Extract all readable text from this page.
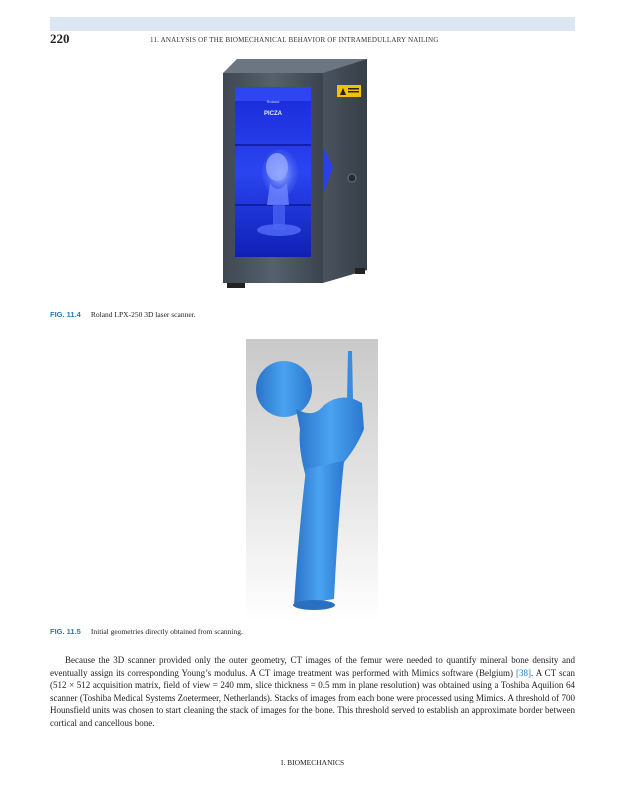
220	11. ANALYSIS OF THE BIOMECHANICAL BEHAVIOR OF INTRAMEDULLARY NAILING
Roland
PICZA
FIG. 11.4 Roland LPX-250 3D laser scanner.
FIG. 11.5 Initial geometries directly obtained from scanning.

Because the 3D scanner provided only the outer geometry, CT images of the femur were needed to quantify mineral bone density and eventually assign its corresponding Young’s modulus. A CT image treatment was performed with Mimics software (Belgium) [38]. A CT scan (512 × 512 acquisition matrix, field of view = 240 mm, slice thickness = 0.5 mm in plane resolution) was obtained using a Toshiba Aquilion 64 scanner (Toshiba Medical Systems Zoetermeer, Netherlands). Stacks of images from each bone were processed using Mimics. A threshold of 700 Hounsfield units was chosen to start cleaning the stack of images for the bone. This threshold served to establish an approximate border between cortical and cancellous bone.

I. BIOMECHANICS
